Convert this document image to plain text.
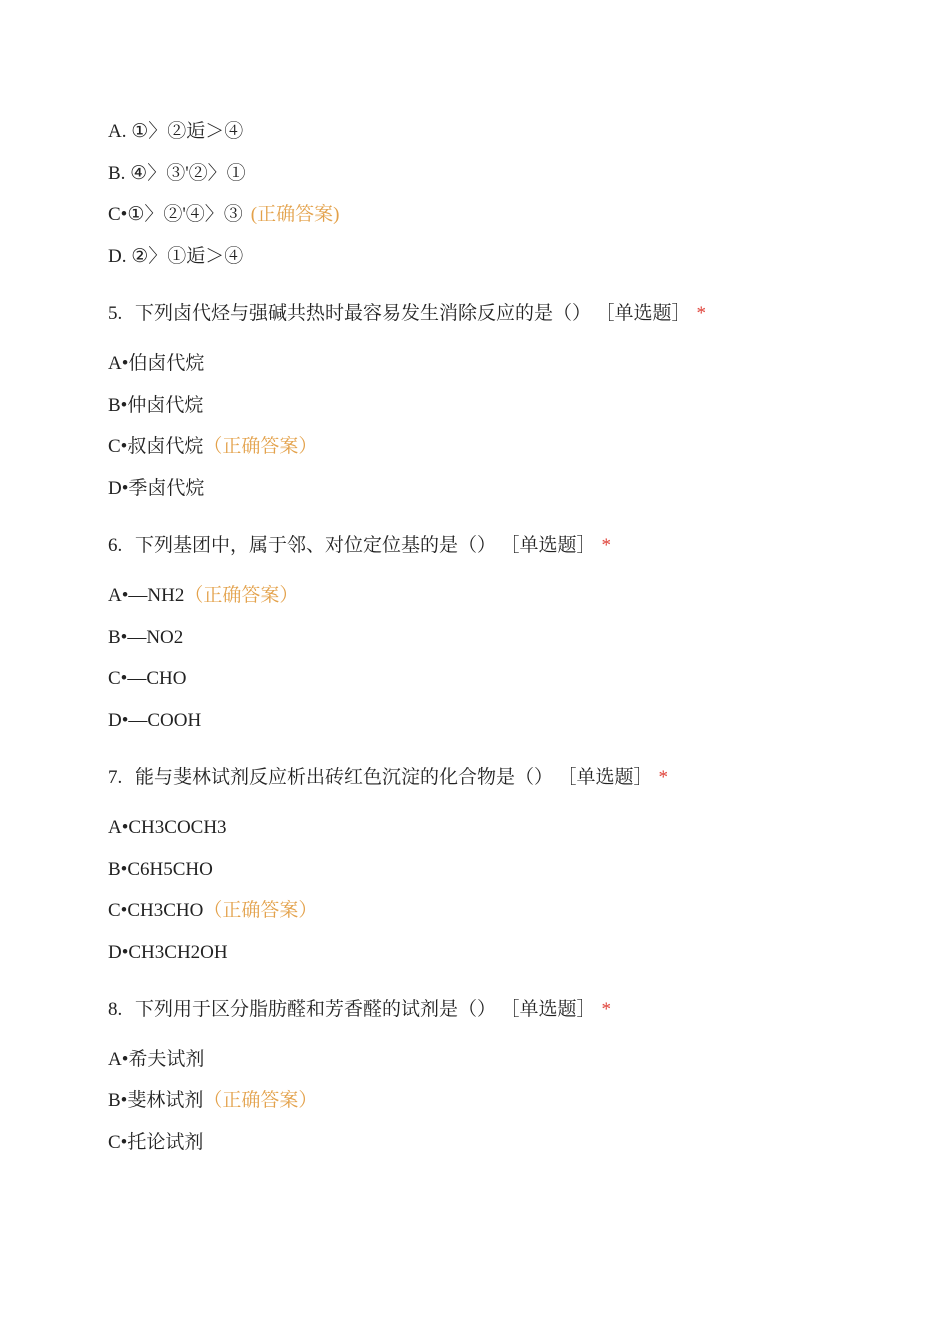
A. ①〉②逅＞④
B. ④〉③'②〉①
C•①〉②'④〉③ (正确答案)
D. ②〉①逅＞④
5. 下列卤代烃与强碱共热时最容易发生消除反应的是（） ［单选题］ *
A•伯卤代烷
B•仲卤代烷
C•叔卤代烷（正确答案）
D•季卤代烷
6. 下列基团中，属于邻、对位定位基的是（） ［单选题］ *
A•—NH2（正确答案）
B•—NO2
C•—CHO
D•—COOH
7. 能与斐林试剂反应析出砖红色沉淀的化合物是（） ［单选题］ *
A•CH3COCH3
B•C6H5CHO
C•CH3CHO（正确答案）
D•CH3CH2OH
8. 下列用于区分脂肪醛和芳香醛的试剂是（） ［单选题］ *
A•希夫试剂
B•斐林试剂（正确答案）
C•托论试剂
